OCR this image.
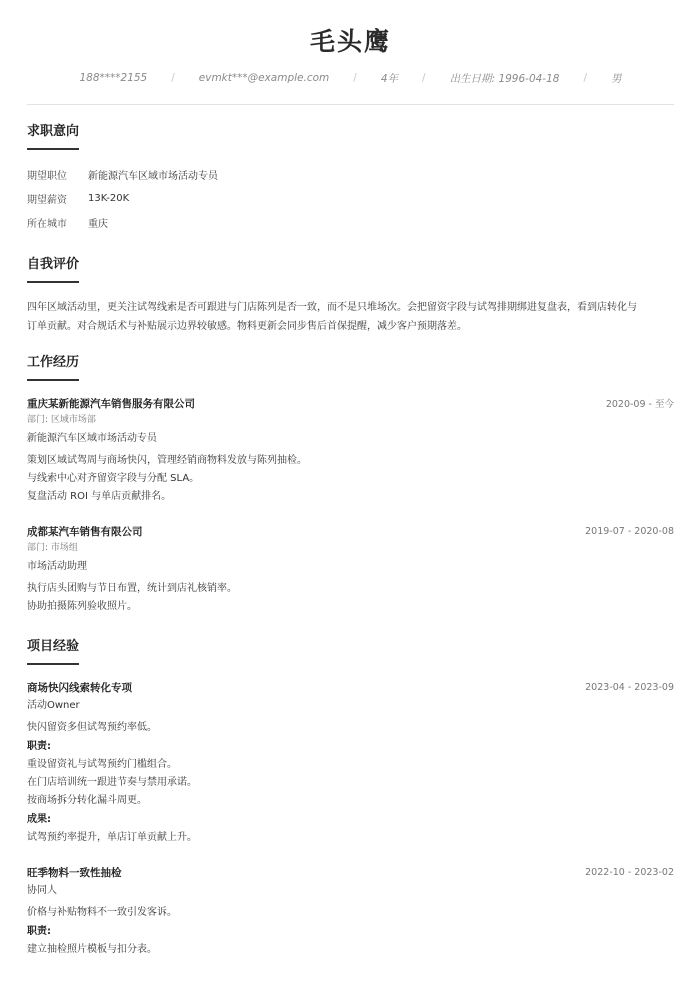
毛头鹰
188****2155 / evmkt***@example.com / 4年 / 出生日期: 1996-04-18 / 男
求职意向
期望职位	新能源汽车区域市场活动专员
期望薪资	13K-20K
所在城市	重庆
自我评价
四年区域活动里，更关注试驾线索是否可跟进与门店陈列是否一致，而不是只堆场次。会把留资字段与试驾排期绑进复盘表，看到店转化与
订单贡献。对合规话术与补贴展示边界较敏感。物料更新会同步售后首保提醒，减少客户预期落差。
工作经历
重庆某新能源汽车销售服务有限公司	2020-09 - 至今
部门: 区域市场部
新能源汽车区域市场活动专员
策划区域试驾周与商场快闪，管理经销商物料发放与陈列抽检。
与线索中心对齐留资字段与分配 SLA。
复盘活动 ROI 与单店贡献排名。
成都某汽车销售有限公司	2019-07 - 2020-08
部门: 市场组
市场活动助理
执行店头团购与节日布置，统计到店礼核销率。
协助拍摄陈列验收照片。
项目经验
商场快闪线索转化专项	2023-04 - 2023-09
活动Owner
快闪留资多但试驾预约率低。
职责:
重设留资礼与试驾预约门槛组合。
在门店培训统一跟进节奏与禁用承诺。
按商场拆分转化漏斗周更。
成果:
试驾预约率提升，单店订单贡献上升。
旺季物料一致性抽检	2022-10 - 2023-02
协同人
价格与补贴物料不一致引发客诉。
职责:
建立抽检照片模板与扣分表。
